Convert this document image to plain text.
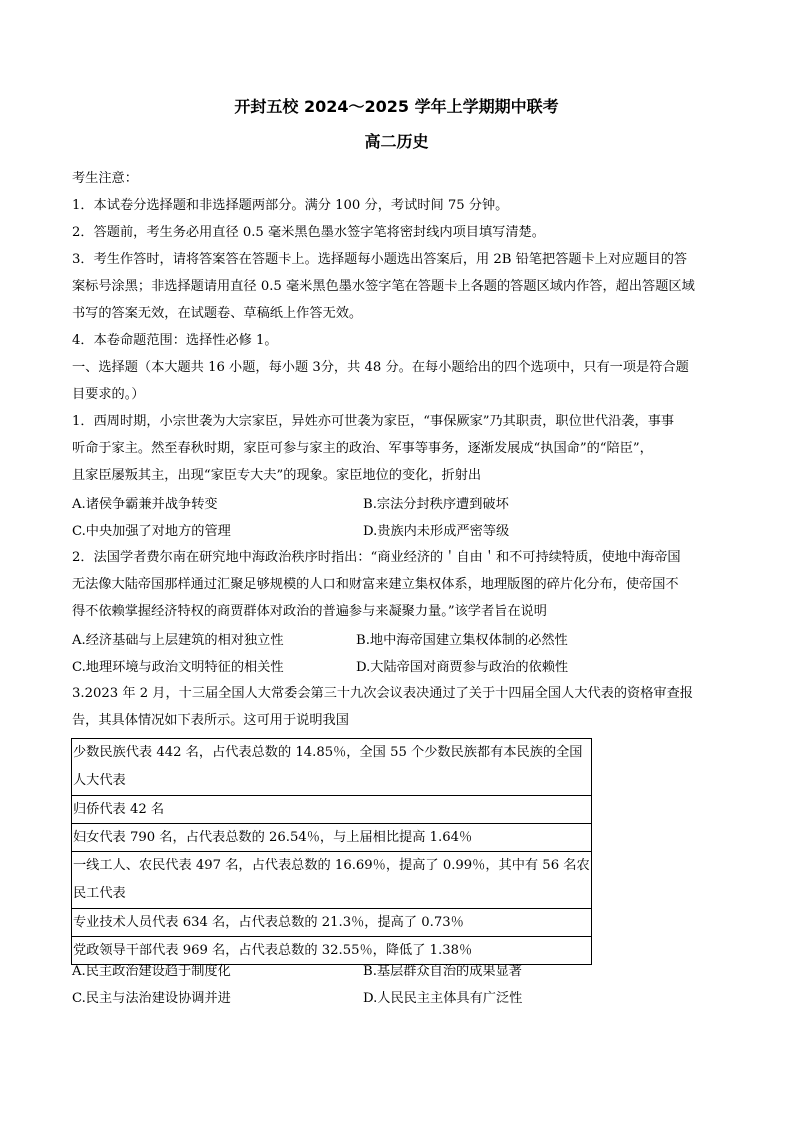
开封五校 2024～2025 学年上学期期中联考
高二历史
考生注意：
1．本试卷分选择题和非选择题两部分。满分 100 分，考试时间 75 分钟。
2．答题前，考生务必用直径 0.5 毫米黑色墨水签字笔将密封线内项目填写清楚。
3．考生作答时，请将答案答在答题卡上。选择题每小题选出答案后，用 2B 铅笔把答题卡上对应题目的答
案标号涂黑；非选择题请用直径 0.5 毫米黑色墨水签字笔在答题卡上各题的答题区域内作答，超出答题区域
书写的答案无效，在试题卷、草稿纸上作答无效。
4．本卷命题范围：选择性必修 1。
一、选择题（本大题共 16 小题，每小题 3分，共 48 分。在每小题给出的四个选项中，只有一项是符合题
目要求的。）
1．西周时期，小宗世袭为大宗家臣，异姓亦可世袭为家臣，“事保厥家”乃其职责，职位世代沿袭，事事
听命于家主。然至春秋时期，家臣可参与家主的政治、军事等事务，逐渐发展成“执国命”的“陪臣”，
且家臣屡叛其主，出现“家臣专大夫”的现象。家臣地位的变化，折射出
A.诸侯争霸兼并战争转变	B.宗法分封秩序遭到破坏
C.中央加强了对地方的管理	D.贵族内未形成严密等级
2．法国学者费尔南在研究地中海政治秩序时指出：“商业经济的＇自由＇和不可持续特质，使地中海帝国
无法像大陆帝国那样通过汇聚足够规模的人口和财富来建立集权体系，地理版图的碎片化分布，使帝国不
得不依赖掌握经济特权的商贾群体对政治的普遍参与来凝聚力量。”该学者旨在说明
A.经济基础与上层建筑的相对独立性	B.地中海帝国建立集权体制的必然性
C.地理环境与政治文明特征的相关性	D.大陆帝国对商贾参与政治的依赖性
3.2023 年 2 月，十三届全国人大常委会第三十九次会议表决通过了关于十四届全国人大代表的资格审查报
告，其具体情况如下表所示。这可用于说明我国
少数民族代表 442 名，占代表总数的 14.85％，全国 55 个少数民族都有本民族的全国
人大代表

归侨代表 42 名
妇女代表 790 名，占代表总数的 26.54％，与上届相比提高 1.64％

一线工人、农民代表 497 名，占代表总数的 16.69％，提高了 0.99％，其中有 56 名农
民工代表

专业技术人员代表 634 名，占代表总数的 21.3％，提高了 0.73％
党政领导干部代表 969 名，占代表总数的 32.55％，降低了 1.38％
A.民主政治建设趋于制度化	B.基层群众自治的成果显著
C.民主与法治建设协调并进	D.人民民主主体具有广泛性
